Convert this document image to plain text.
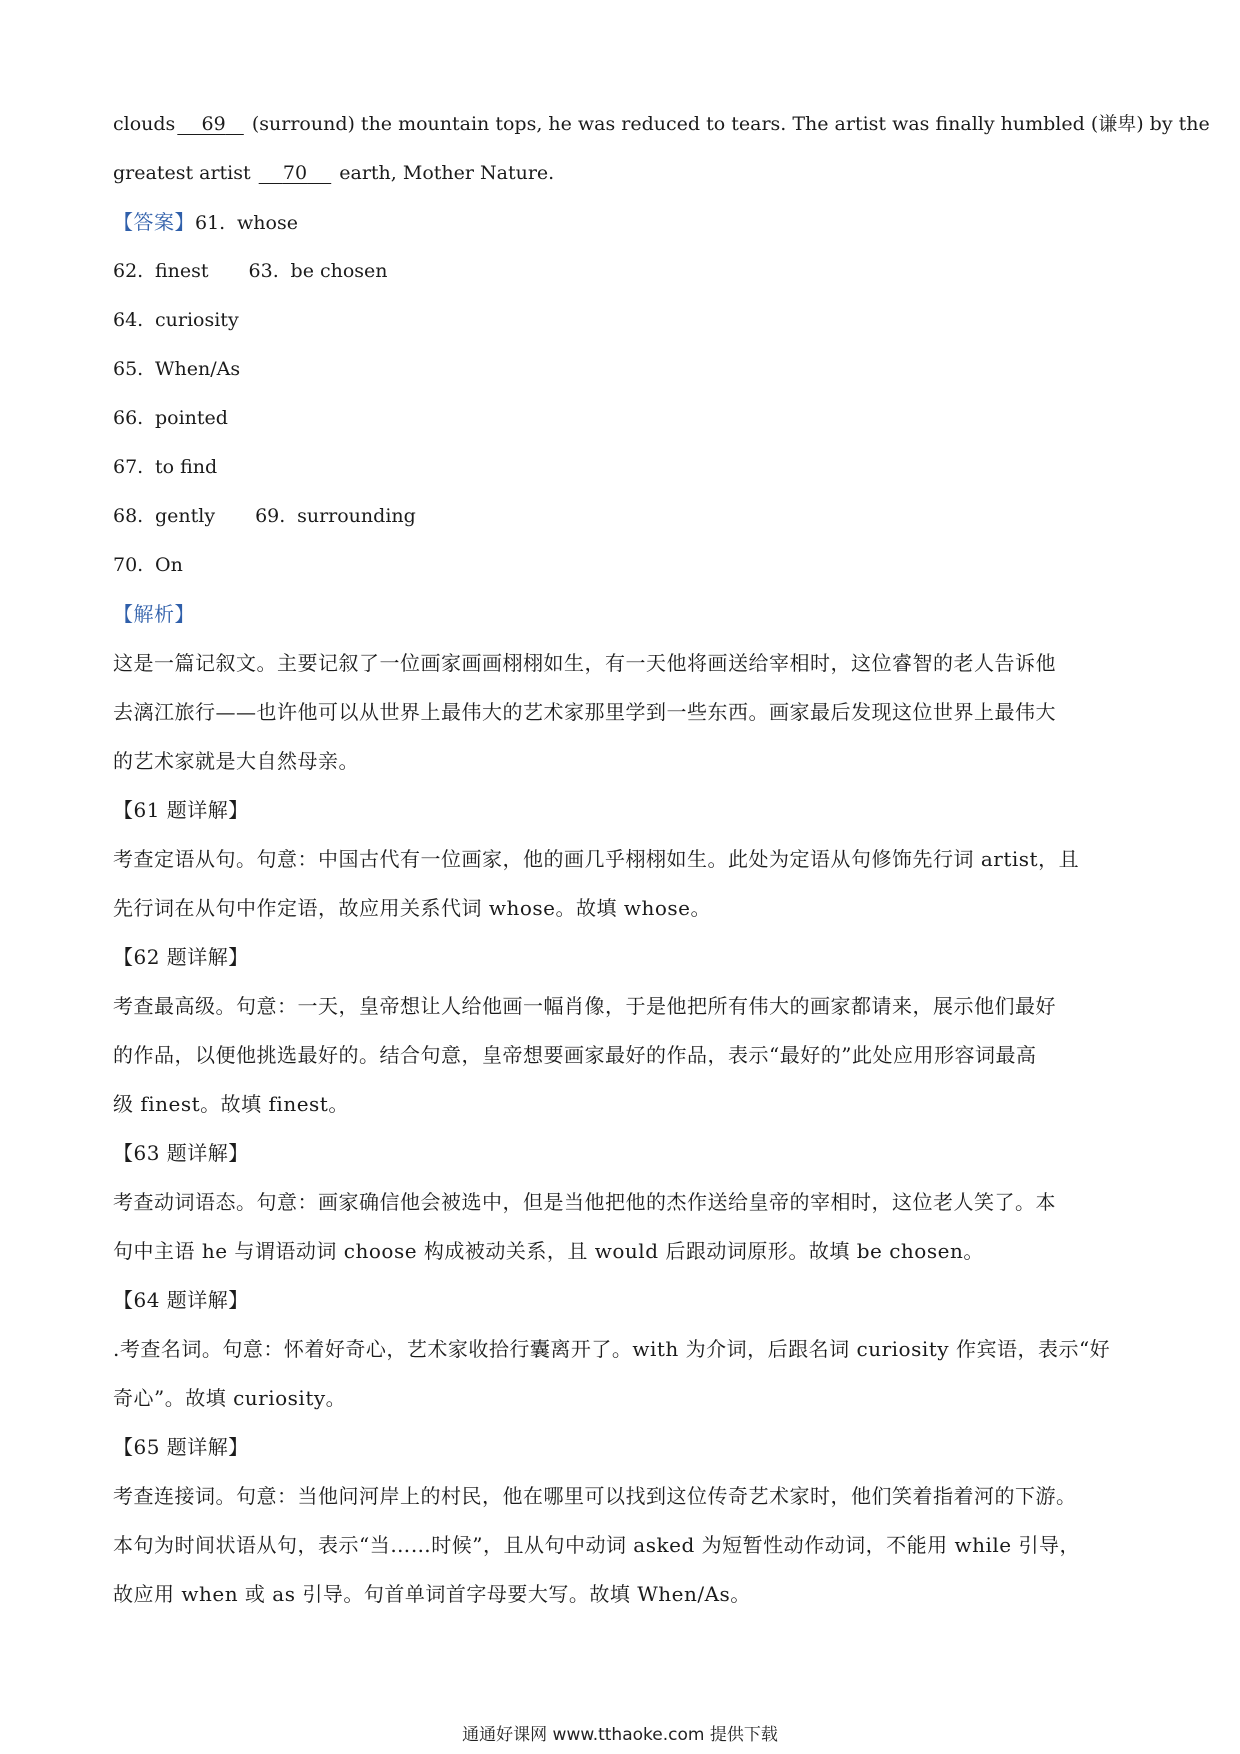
clouds 69 (surround) the mountain tops, he was reduced to tears. The artist was finally humbled (谦卑) by the
greatest artist 70 earth, Mother Nature.
【答案】61. whose
62. finest 63. be chosen
64. curiosity
65. When/As
66. pointed
67. to find
68. gently 69. surrounding
70. On
【解析】
这是一篇记叙文。主要记叙了一位画家画画栩栩如生，有一天他将画送给宰相时，这位睿智的老人告诉他
去漓江旅行——也许他可以从世界上最伟大的艺术家那里学到一些东西。画家最后发现这位世界上最伟大
的艺术家就是大自然母亲。
【61 题详解】
考查定语从句。句意：中国古代有一位画家，他的画几乎栩栩如生。此处为定语从句修饰先行词 artist，且
先行词在从句中作定语，故应用关系代词 whose。故填 whose。
【62 题详解】
考查最高级。句意：一天，皇帝想让人给他画一幅肖像，于是他把所有伟大的画家都请来，展示他们最好
的作品，以便他挑选最好的。结合句意，皇帝想要画家最好的作品，表示“最好的”此处应用形容词最高
级 finest。故填 finest。
【63 题详解】
考查动词语态。句意：画家确信他会被选中，但是当他把他的杰作送给皇帝的宰相时，这位老人笑了。本
句中主语 he 与谓语动词 choose 构成被动关系，且 would 后跟动词原形。故填 be chosen。
【64 题详解】
.考查名词。句意：怀着好奇心，艺术家收拾行囊离开了。with 为介词，后跟名词 curiosity 作宾语，表示“好
奇心”。故填 curiosity。
【65 题详解】
考查连接词。句意：当他问河岸上的村民，他在哪里可以找到这位传奇艺术家时，他们笑着指着河的下游。
本句为时间状语从句，表示“当……时候”，且从句中动词 asked 为短暂性动作动词，不能用 while 引导，
故应用 when 或 as 引导。句首单词首字母要大写。故填 When/As。
通通好课网 www.tthaoke.com 提供下载
